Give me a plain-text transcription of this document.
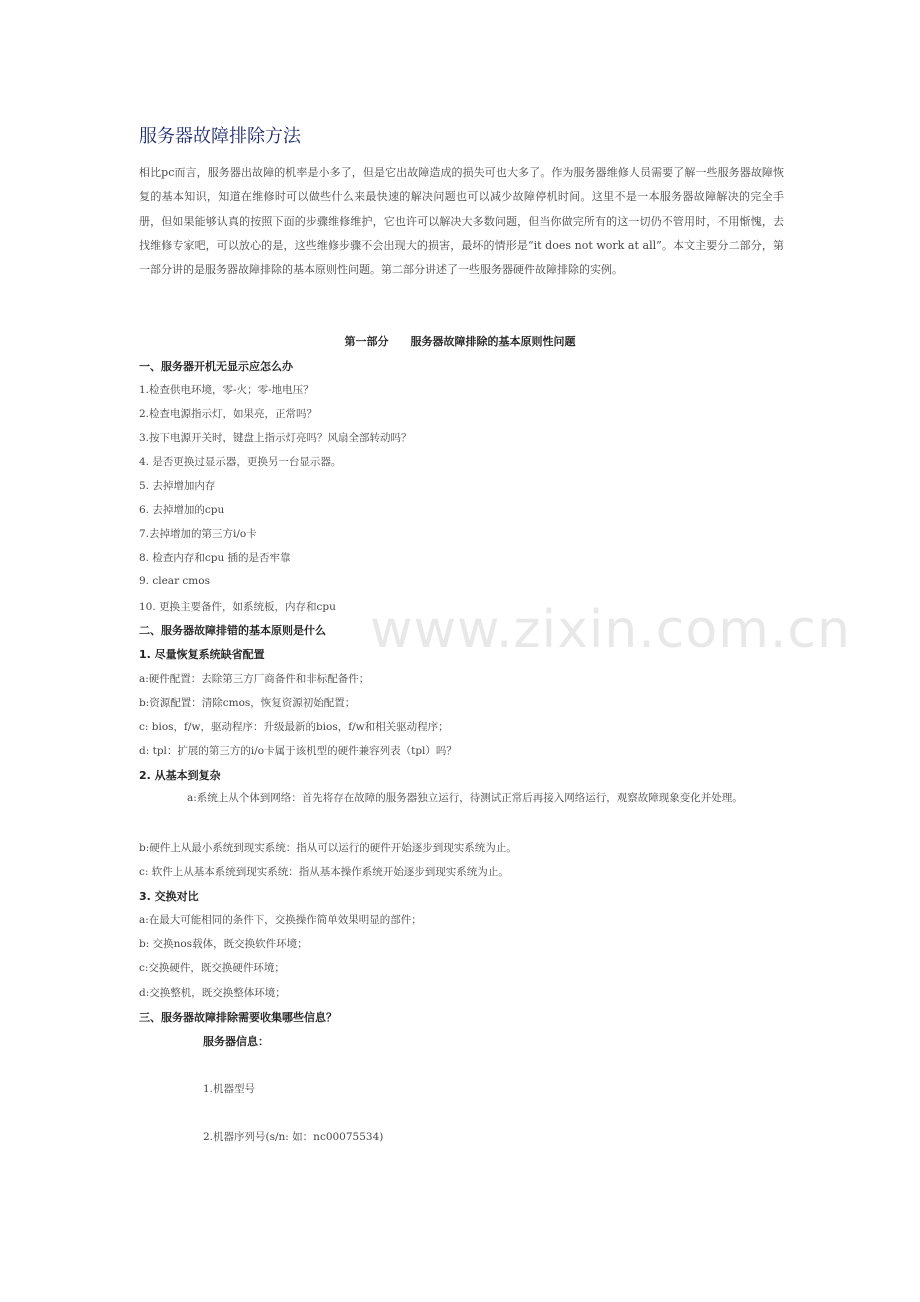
服务器故障排除方法
相比pc而言，服务器出故障的机率是小多了，但是它出故障造成的损失可也大多了。作为服务器维修人员需要了解一些服务器故障恢复的基本知识，知道在维修时可以做些什么来最快速的解决问题也可以减少故障停机时间。这里不是一本服务器故障解决的完全手册，但如果能够认真的按照下面的步骤维修维护，它也许可以解决大多数问题，但当你做完所有的这一切仍不管用时，不用惭愧，去找维修专家吧，可以放心的是，这些维修步骤不会出现大的损害，最坏的情形是“it does not work at all”。本文主要分二部分，第一部分讲的是服务器故障排除的基本原则性问题。第二部分讲述了一些服务器硬件故障排除的实例。
第一部分 服务器故障排除的基本原则性问题
一、服务器开机无显示应怎么办
1.检查供电环境，零-火；零-地电压？
2.检查电源指示灯，如果亮，正常吗？
3.按下电源开关时，键盘上指示灯亮吗？风扇全部转动吗？
4. 是否更换过显示器，更换另一台显示器。
5. 去掉增加内存
6. 去掉增加的cpu
7.去掉增加的第三方i/o卡
8. 检查内存和cpu 插的是否牢靠
9. clear cmos
10. 更换主要备件，如系统板，内存和cpu
二、服务器故障排错的基本原则是什么
1. 尽量恢复系统缺省配置
a:硬件配置：去除第三方厂商备件和非标配备件；
b:资源配置：清除cmos，恢复资源初始配置；
c: bios，f/w，驱动程序：升级最新的bios，f/w和相关驱动程序；
d: tpl：扩展的第三方的i/o卡属于该机型的硬件兼容列表（tpl）吗？
2. 从基本到复杂
a:系统上从个体到网络：首先将存在故障的服务器独立运行，待测试正常后再接入网络运行，观察故障现象变化并处理。
b:硬件上从最小系统到现实系统：指从可以运行的硬件开始逐步到现实系统为止。
c: 软件上从基本系统到现实系统：指从基本操作系统开始逐步到现实系统为止。
3. 交换对比
a:在最大可能相同的条件下，交换操作简单效果明显的部件；
b: 交换nos载体，既交换软件环境；
c:交换硬件，既交换硬件环境；
d:交换整机，既交换整体环境；
三、服务器故障排除需要收集哪些信息？
服务器信息：
1.机器型号
2.机器序列号(s/n: 如：nc00075534)
www.zixin.com.cn
